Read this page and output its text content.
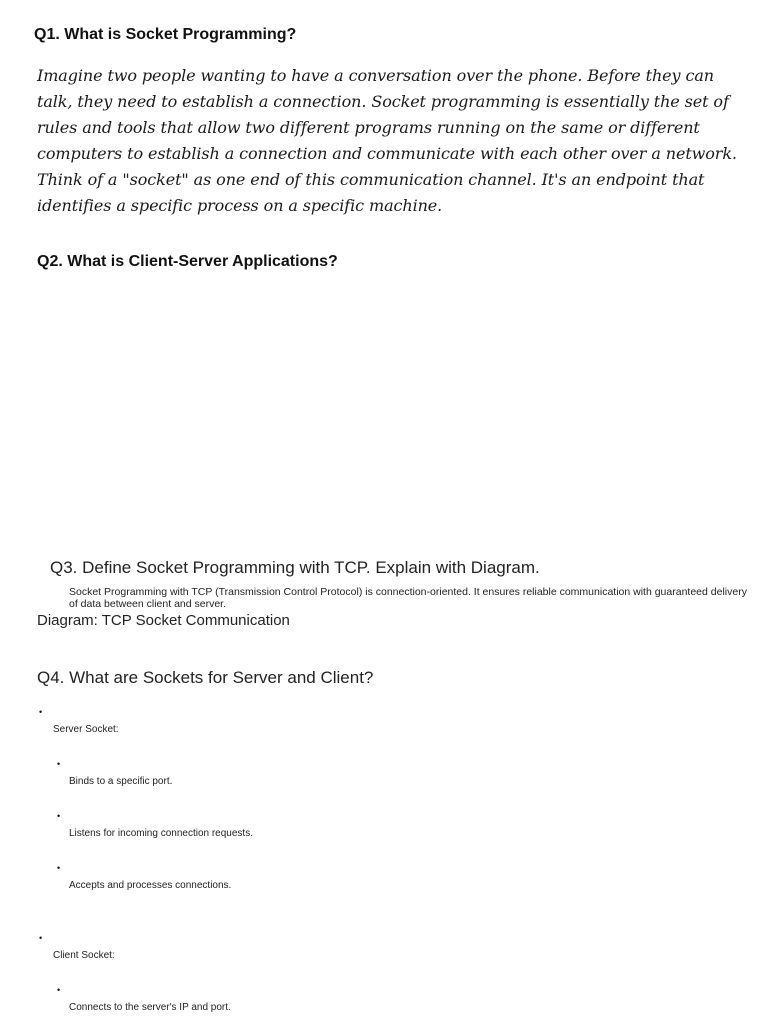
Q1. What is Socket Programming?
Imagine two people wanting to have a conversation over the phone. Before they can talk, they need to establish a connection. Socket programming is essentially the set of rules and tools that allow two different programs running on the same or different computers to establish a connection and communicate with each other over a network. Think of a "socket" as one end of this communication channel. It's an endpoint that identifies a specific process on a specific machine.
Q2. What is Client-Server Applications?
Q3. Define Socket Programming with TCP. Explain with Diagram.
Socket Programming with TCP (Transmission Control Protocol) is connection-oriented. It ensures reliable communication with guaranteed delivery of data between client and server.
Diagram: TCP Socket Communication
Q4. What are Sockets for Server and Client?
•
Server Socket:
•
Binds to a specific port.
•
Listens for incoming connection requests.
•
Accepts and processes connections.
•
Client Socket:
•
Connects to the server's IP and port.
